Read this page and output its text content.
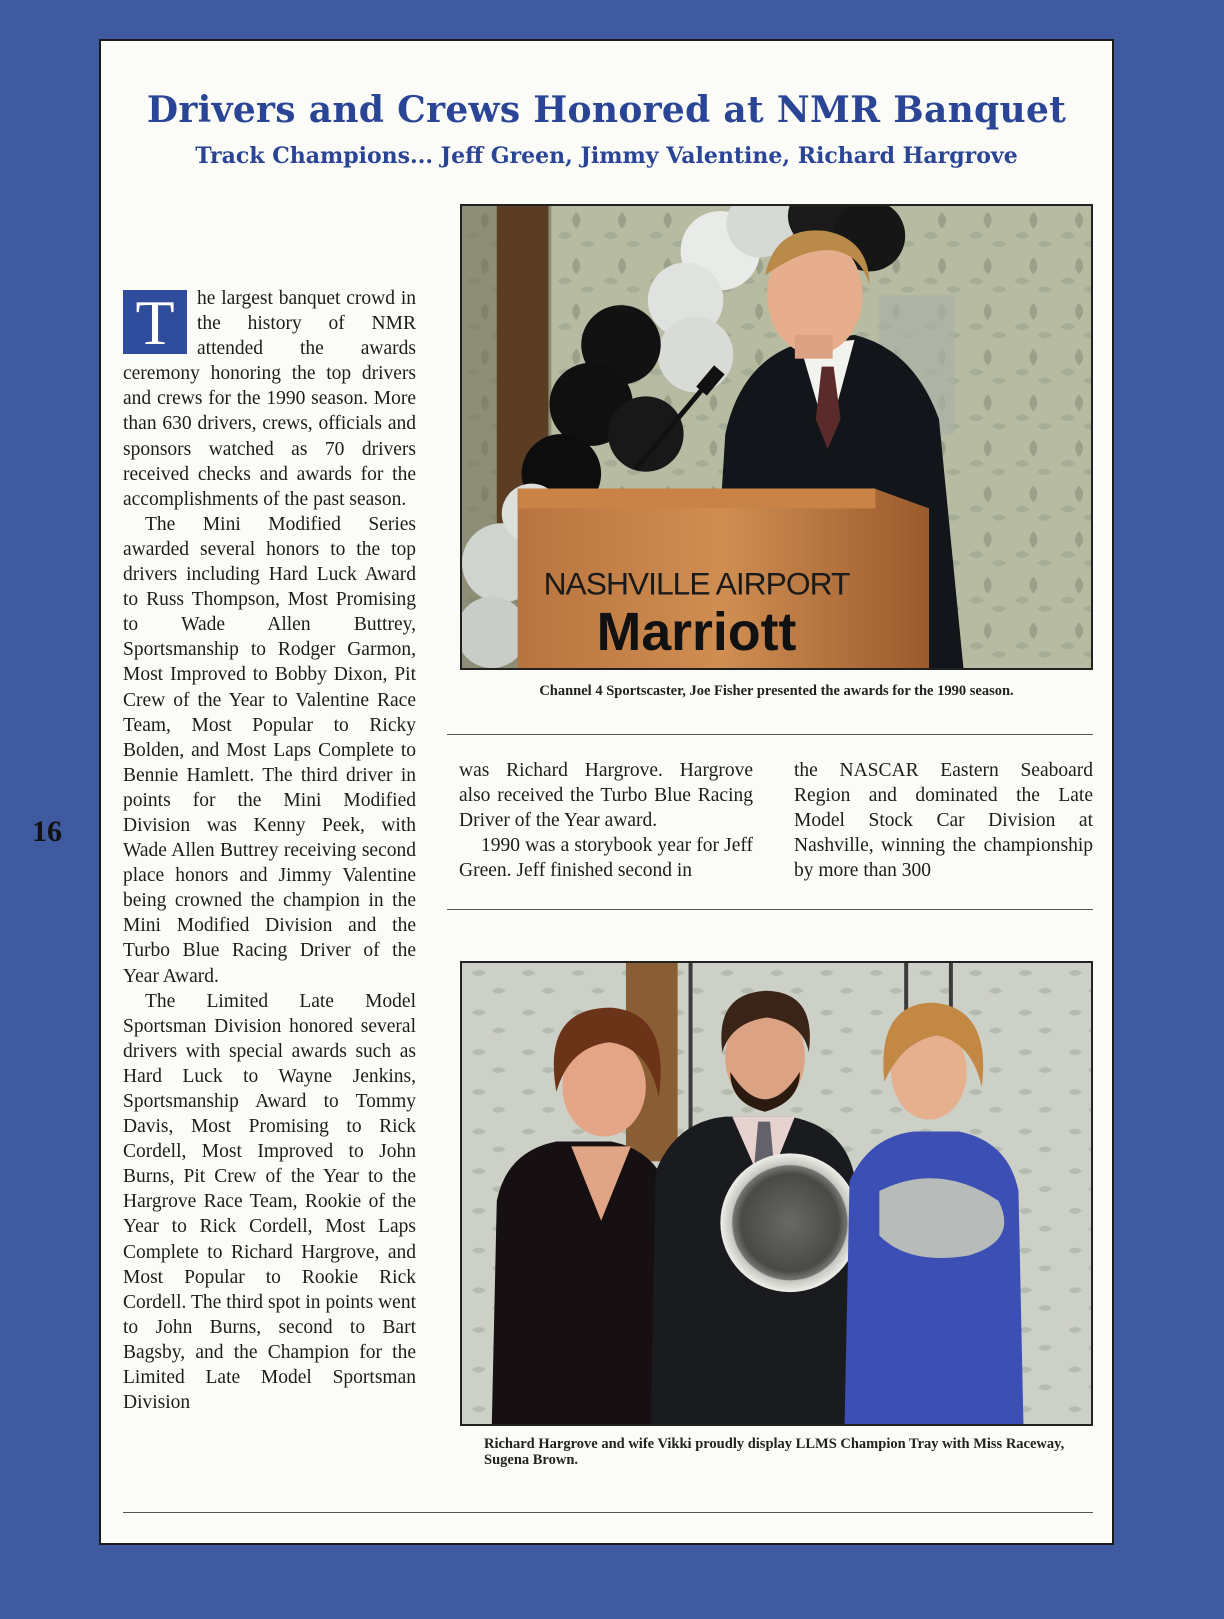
16
Drivers and Crews Honored at NMR Banquet
Track Champions... Jeff Green, Jimmy Valentine, Richard Hargrove

T	he largest banquet crowd in the history of NMR attended the awards ceremony honoring the top drivers and crews for the 1990 season. More than 630 drivers, crews, officials and sponsors watched as 70 drivers received checks and awards for the accomplishments of the past season.

The Mini Modified Series awarded several honors to the top drivers including Hard Luck Award to Russ Thompson, Most Promising to Wade Allen Buttrey, Sportsmanship to Rodger Garmon, Most Improved to Bobby Dixon, Pit Crew of the Year to Valentine Race Team, Most Popular to Ricky Bolden, and Most Laps Complete to Bennie Hamlett. The third driver in points for the Mini Modified Division was Kenny Peek, with Wade Allen Buttrey receiving second place honors and Jimmy Valentine being crowned the champion in the Mini Modified Division and the Turbo Blue Racing Driver of the Year Award.

The Limited Late Model Sportsman Division honored several drivers with special awards such as Hard Luck to Wayne Jenkins, Sportsmanship Award to Tommy Davis, Most Promising to Rick Cordell, Most Improved to John Burns, Pit Crew of the Year to the Hargrove Race Team, Rookie of the Year to Rick Cordell, Most Laps Complete to Richard Hargrove, and Most Popular to Rookie Rick Cordell. The third spot in points went to John Burns, second to Bart Bagsby, and the Champion for the Limited Late Model Sportsman Division

NASHVILLE AIRPORT
Marriott

Channel 4 Sportscaster, Joe Fisher presented the awards for the 1990 season.

was Richard Hargrove. Hargrove also received the Turbo Blue Racing Driver of the Year award.

1990 was a storybook year for Jeff Green. Jeff finished second in

the NASCAR Eastern Seaboard Region and dominated the Late Model Stock Car Division at Nashville, winning the championship by more than 300

Richard Hargrove and wife Vikki proudly display LLMS Champion Tray with Miss Raceway, Sugena Brown.
